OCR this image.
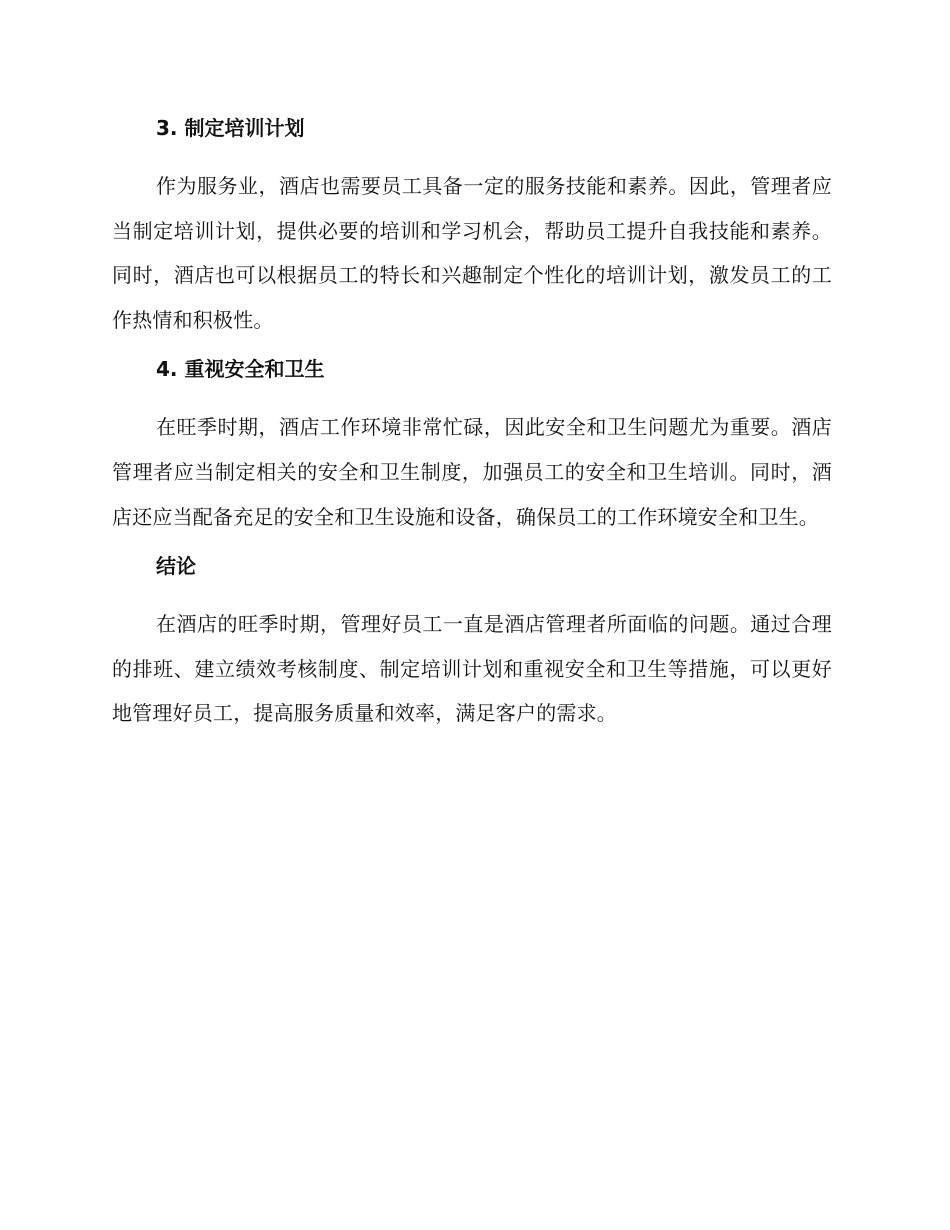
3. 制定培训计划

作为服务业，酒店也需要员工具备一定的服务技能和素养。因此，管理者应当制定培训计划，提供必要的培训和学习机会，帮助员工提升自我技能和素养。同时，酒店也可以根据员工的特长和兴趣制定个性化的培训计划，激发员工的工作热情和积极性。

4. 重视安全和卫生

在旺季时期，酒店工作环境非常忙碌，因此安全和卫生问题尤为重要。酒店管理者应当制定相关的安全和卫生制度，加强员工的安全和卫生培训。同时，酒店还应当配备充足的安全和卫生设施和设备，确保员工的工作环境安全和卫生。

结论

在酒店的旺季时期，管理好员工一直是酒店管理者所面临的问题。通过合理的排班、建立绩效考核制度、制定培训计划和重视安全和卫生等措施，可以更好地管理好员工，提高服务质量和效率，满足客户的需求。
